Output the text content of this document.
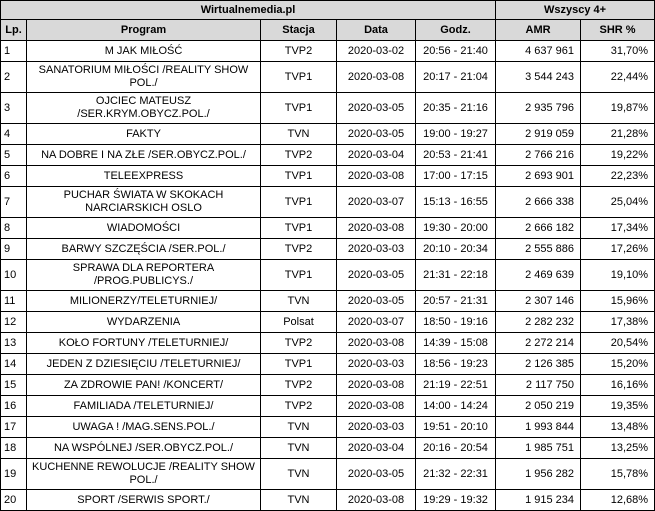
Wirtualnemedia.pl					Wszyscy 4+	
Lp.	Program	Stacja	Data	Godz.	AMR	SHR %
1	M JAK MIŁOŚĆ	TVP2	2020-03-02	20:56 - 21:40	4 637 961	31,70%
2	SANATORIUM MIŁOŚCI /REALITY SHOW POL./	TVP1	2020-03-08	20:17 - 21:04	3 544 243	22,44%
3	OJCIEC MATEUSZ /SER.KRYM.OBYCZ.POL./	TVP1	2020-03-05	20:35 - 21:16	2 935 796	19,87%
4	FAKTY	TVN	2020-03-05	19:00 - 19:27	2 919 059	21,28%
5	NA DOBRE I NA ZŁE /SER.OBYCZ.POL./	TVP2	2020-03-04	20:53 - 21:41	2 766 216	19,22%
6	TELEEXPRESS	TVP1	2020-03-08	17:00 - 17:15	2 693 901	22,23%
7	PUCHAR ŚWIATA W SKOKACH NARCIARSKICH OSLO	TVP1	2020-03-07	15:13 - 16:55	2 666 338	25,04%
8	WIADOMOŚCI	TVP1	2020-03-08	19:30 - 20:00	2 666 182	17,34%
9	BARWY SZCZĘŚCIA /SER.POL./	TVP2	2020-03-03	20:10 - 20:34	2 555 886	17,26%
10	SPRAWA DLA REPORTERA /PROG.PUBLICYS./	TVP1	2020-03-05	21:31 - 22:18	2 469 639	19,10%
11	MILIONERZY/TELETURNIEJ/	TVN	2020-03-05	20:57 - 21:31	2 307 146	15,96%
12	WYDARZENIA	Polsat	2020-03-07	18:50 - 19:16	2 282 232	17,38%
13	KOŁO FORTUNY /TELETURNIEJ/	TVP2	2020-03-08	14:39 - 15:08	2 272 214	20,54%
14	JEDEN Z DZIESIĘCIU /TELETURNIEJ/	TVP1	2020-03-03	18:56 - 19:23	2 126 385	15,20%
15	ZA ZDROWIE PAN! /KONCERT/	TVP2	2020-03-08	21:19 - 22:51	2 117 750	16,16%
16	FAMILIADA /TELETURNIEJ/	TVP2	2020-03-08	14:00 - 14:24	2 050 219	19,35%
17	UWAGA ! /MAG.SENS.POL./	TVN	2020-03-03	19:51 - 20:10	1 993 844	13,48%
18	NA WSPÓLNEJ /SER.OBYCZ.POL./	TVN	2020-03-04	20:16 - 20:54	1 985 751	13,25%
19	KUCHENNE REWOLUCJE /REALITY SHOW POL./	TVN	2020-03-05	21:32 - 22:31	1 956 282	15,78%
20	SPORT /SERWIS SPORT./	TVN	2020-03-08	19:29 - 19:32	1 915 234	12,68%
